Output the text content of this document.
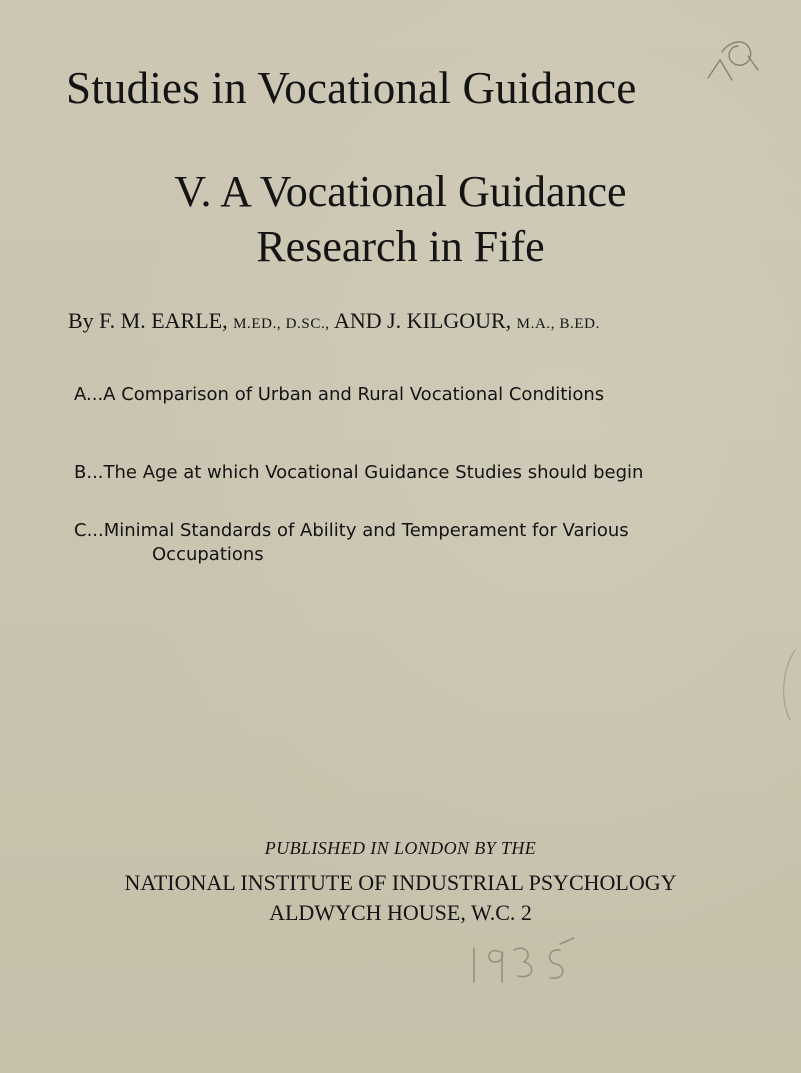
Studies in Vocational Guidance
V. A Vocational Guidance
Research in Fife
By F. M. EARLE, M.ED., D.SC., AND J. KILGOUR, M.A., B.ED.
A...A Comparison of Urban and Rural Vocational Conditions
B...The Age at which Vocational Guidance Studies should begin
C...Minimal Standards of Ability and Temperament for Various
Occupations
PUBLISHED IN LONDON BY THE
NATIONAL INSTITUTE OF INDUSTRIAL PSYCHOLOGY
ALDWYCH HOUSE, W.C. 2
